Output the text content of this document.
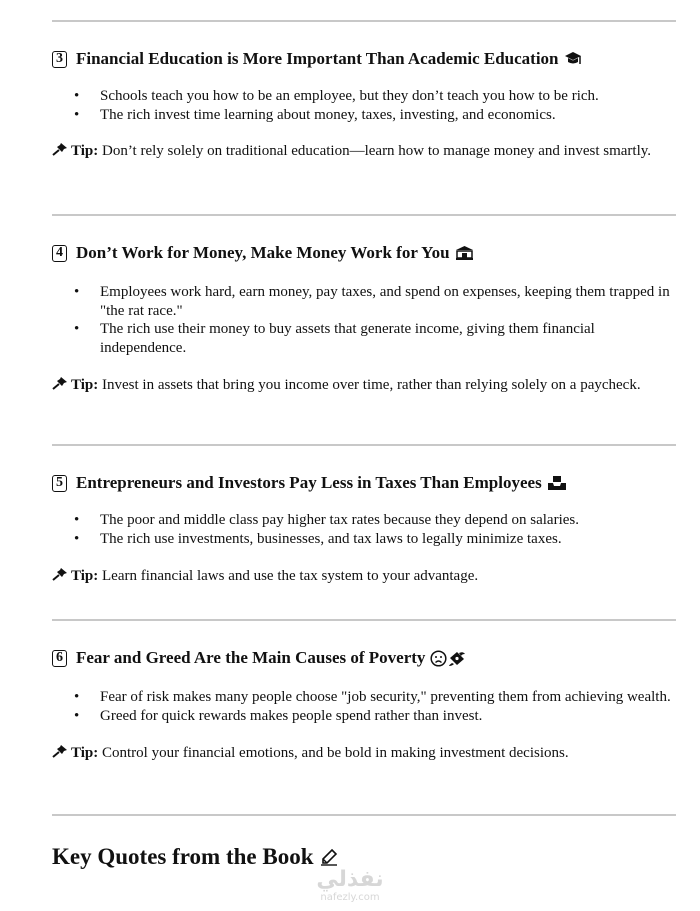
3 Financial Education is More Important Than Academic Education
• Schools teach you how to be an employee, but they don’t teach you how to be rich.
• The rich invest time learning about money, taxes, investing, and economics.

Tip: Don’t rely solely on traditional education—learn how to manage money and invest smartly.

4 Don’t Work for Money, Make Money Work for You
• Employees work hard, earn money, pay taxes, and spend on expenses, keeping them trapped in "the rat race."
• The rich use their money to buy assets that generate income, giving them financial independence.

Tip: Invest in assets that bring you income over time, rather than relying solely on a paycheck.

5 Entrepreneurs and Investors Pay Less in Taxes Than Employees
• The poor and middle class pay higher tax rates because they depend on salaries.
• The rich use investments, businesses, and tax laws to legally minimize taxes.

Tip: Learn financial laws and use the tax system to your advantage.

6 Fear and Greed Are the Main Causes of Poverty
• Fear of risk makes many people choose "job security," preventing them from achieving wealth.
• Greed for quick rewards makes people spend rather than invest.

Tip: Control your financial emotions, and be bold in making investment decisions.

Key Quotes from the Book
نفذلي
nafezly.com
